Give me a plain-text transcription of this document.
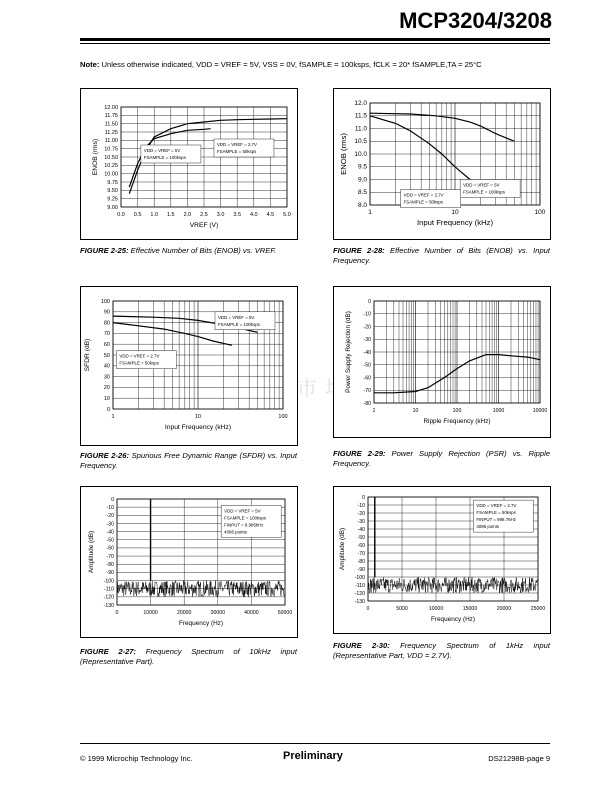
MCP3204/3208
Note: Unless otherwise indicated, VDD = VREF = 5V, VSS = 0V, fSAMPLE = 100ksps, fCLK = 20* fSAMPLE,TA = 25°C
12.00
11.75
11.50
11.25
11.00
10.75
10.50
10.25
10.00
9.75
9.50
9.25
9.00
0.0 0.5 1.0 1.5 2.0 2.5 3.0 3.5 4.0 4.5 5.0
VREF (V)
ENOB (rms)	VDD = VREF = 5V
FSAMPLE = 100ksps
VDD = VREF = 2.7V
FSAMPLE = 50ksps
FIGURE 2-25: Effective Number of Bits (ENOB) vs. VREF.
12.0
11.5
11.0
10.5
10.0
9.5
9.0
8.5
8.0
1	10	100
Input Frequency (kHz)
ENOB (rms)
VDD = VREF = 5V
FSAMPLE = 100ksps
VDD = VREF = 2.7V
FSAMPLE = 50ksps
FIGURE 2-28: Effective Number of Bits (ENOB) vs. Input Frequency.
100
90
80
70
60
50
40
30
20
10
0
1	10	100
Input Frequency (kHz)
SFDR (dB)
VDD = VREF = 5V
FSAMPLE = 100ksps
VDD = VREF = 2.7V
FSAMPLE = 50ksps
FIGURE 2-26: Spurious Free Dynamic Range (SFDR) vs. Input Frequency.
0
-10
-20
-30
-40
-50
-60
-70
-80
1	10	100	1000	10000
Ripple Frequency (kHz)
Power Supply Rejection (dB)
FIGURE 2-29: Power Supply Rejection (PSR) vs. Ripple Frequency.
0
-10
-20
-30
-40
-50
-60
-70
-80
-90
-100
-110
-120
-130
0	10000	20000	30000	40000	50000
Frequency (Hz)
Amplitude (dB)
VDD = VREF = 5V
FSAMPLE = 100ksps
FINPUT = 9.985kHz
4096 points
FIGURE 2-27: Frequency Spectrum of 10kHz input (Representative Part).
0
-10
-20
-30
-40
-50
-60
-70
-80
-90
-100
-110
-120
-130
0	5000	10000	15000	20000	25000
Frequency (Hz)
Amplitude (dB)
VDD = VREF = 2.7V
FSAMPLE = 50ksps
FINPUT = 998.76Hz
4096 points
FIGURE 2-30: Frequency Spectrum of 1kHz input (Representative Part, VDD = 2.7V).
© 1999 Microchip Technology Inc.	Preliminary	DS21298B-page 9
